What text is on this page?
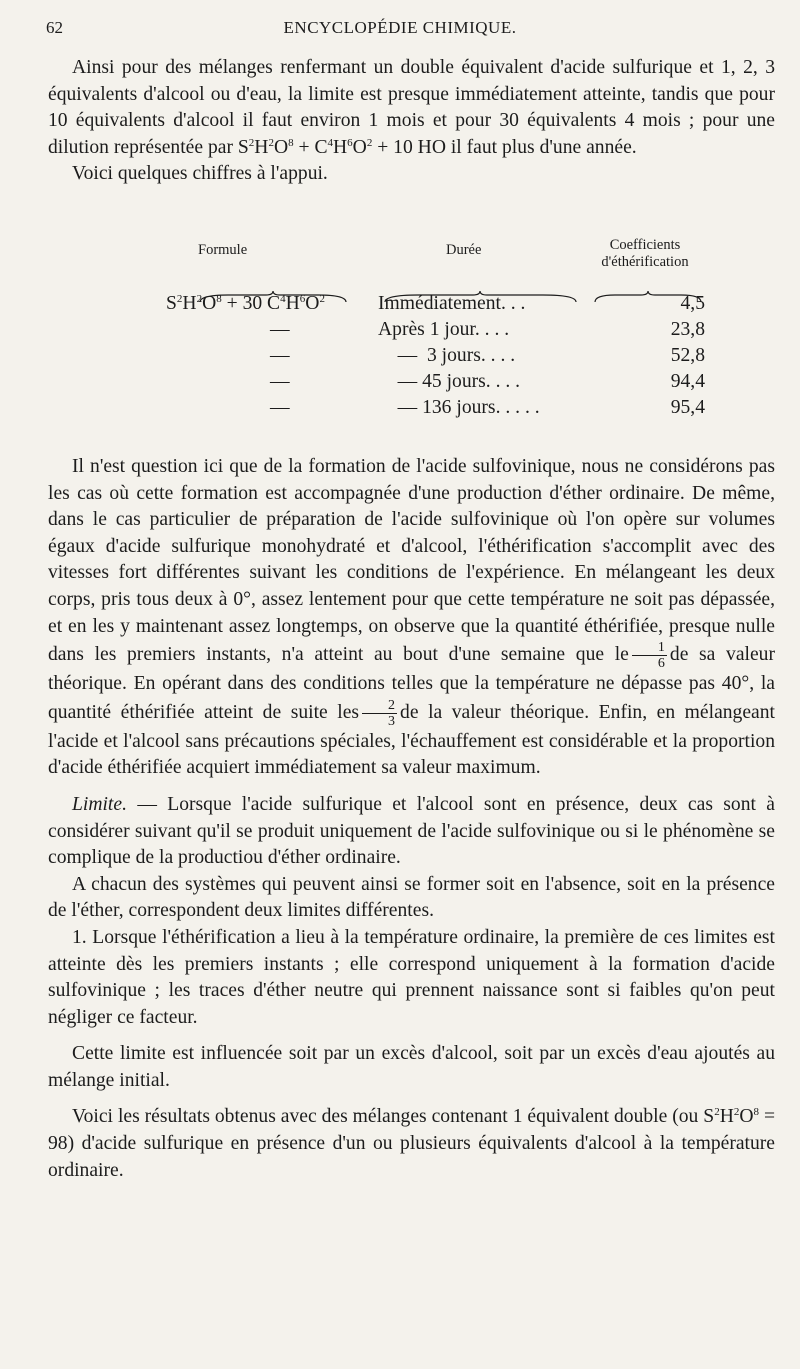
62	ENCYCLOPÉDIE CHIMIQUE.

Ainsi pour des mélanges renfermant un double équivalent d'acide sulfurique et 1, 2, 3 équivalents d'alcool ou d'eau, la limite est presque immédiatement atteinte, tandis que pour 10 équivalents d'alcool il faut environ 1 mois et pour 30 équivalents 4 mois ; pour une dilution représentée par $S^2H^2O^8 + C^4H^6O^2 + 10$ HO il faut plus d'une année.

Voici quelques chiffres à l'appui.

Formule	Durée	Coefficients
d'éthérification
$S^2H^2O^8 + 30$ $C^4H^6O^2$	Immédiatement. . .	4,5
—	Après 1 jour. . . .	23,8
—	—  3 jours. . . .	52,8
—	— 45 jours. . . .	94,4
—	— 136 jours. . . . .	95,4

Il n'est question ici que de la formation de l'acide sulfovinique, nous ne considérons pas les cas où cette formation est accompagnée d'une production d'éther ordinaire. De même, dans le cas particulier de préparation de l'acide sulfovinique où l'on opère sur volumes égaux d'acide sulfurique monohydraté et d'alcool, l'éthérification s'accomplit avec des vitesses fort différentes suivant les conditions de l'expérience. En mélangeant les deux corps, pris tous deux à 0°, assez lentement pour que cette température ne soit pas dépassée, et en les y maintenant assez longtemps, on observe que la quantité éthérifiée, presque nulle dans les premiers instants, n'a atteint au bout d'une semaine que le $\frac{1}{6}$ de sa valeur théorique. En opérant dans des conditions telles que la température ne dépasse pas 40°, la quantité éthérifiée atteint de suite les $\frac{2}{3}$ de la valeur théorique. Enfin, en mélangeant l'acide et l'alcool sans précautions spéciales, l'échauffement est considérable et la proportion d'acide éthérifiée acquiert immédiatement sa valeur maximum.

Limite. — Lorsque l'acide sulfurique et l'alcool sont en présence, deux cas sont à considérer suivant qu'il se produit uniquement de l'acide sulfovinique ou si le phénomène se complique de la productiou d'éther ordinaire.

A chacun des systèmes qui peuvent ainsi se former soit en l'absence, soit en la présence de l'éther, correspondent deux limites différentes.

1. Lorsque l'éthérification a lieu à la température ordinaire, la première de ces limites est atteinte dès les premiers instants ; elle correspond uniquement à la formation d'acide sulfovinique ; les traces d'éther neutre qui prennent naissance sont si faibles qu'on peut négliger ce facteur.

Cette limite est influencée soit par un excès d'alcool, soit par un excès d'eau ajoutés au mélange initial.

Voici les résultats obtenus avec des mélanges contenant 1 équivalent double (ou $S^2H^2O^8 = 98$) d'acide sulfurique en présence d'un ou plusieurs équivalents d'alcool à la température ordinaire.
